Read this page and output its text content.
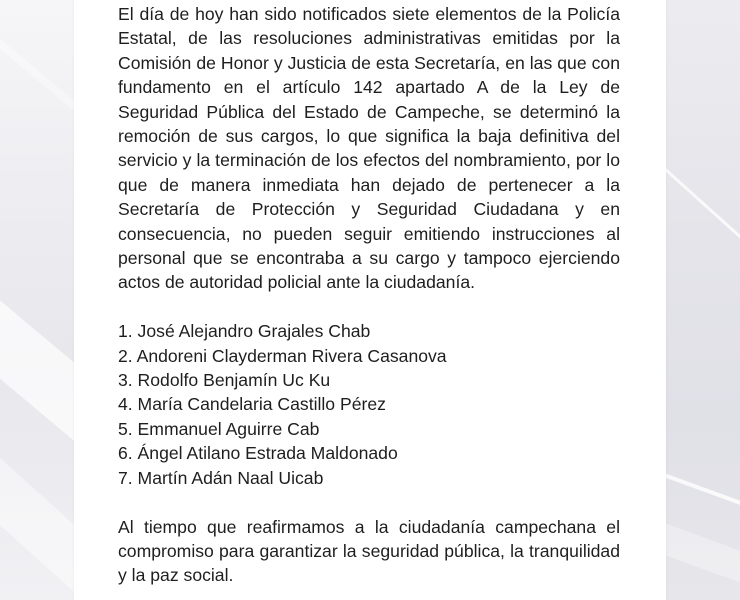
El día de hoy han sido notificados siete elementos de la Policía Estatal, de las resoluciones administrativas emitidas por la Comisión de Honor y Justicia de esta Secretaría, en las que con fundamento en el artículo 142 apartado A de la Ley de Seguridad Pública del Estado de Campeche, se determinó la remoción de sus cargos, lo que significa la baja definitiva del servicio y la terminación de los efectos del nombramiento, por lo que de manera inmediata han dejado de pertenecer a la Secretaría de Protección y Seguridad Ciudadana y en consecuencia, no pueden seguir emitiendo instrucciones al personal que se encontraba a su cargo y tampoco ejerciendo actos de autoridad policial ante la ciudadanía.

1. José Alejandro Grajales Chab
2. Andoreni Clayderman Rivera Casanova
3. Rodolfo Benjamín Uc Ku
4. María Candelaria Castillo Pérez
5. Emmanuel Aguirre Cab
6. Ángel Atilano Estrada Maldonado
7. Martín Adán Naal Uicab

Al tiempo que reafirmamos a la ciudadanía campechana el compromiso para garantizar la seguridad pública, la tranquilidad y la paz social.
